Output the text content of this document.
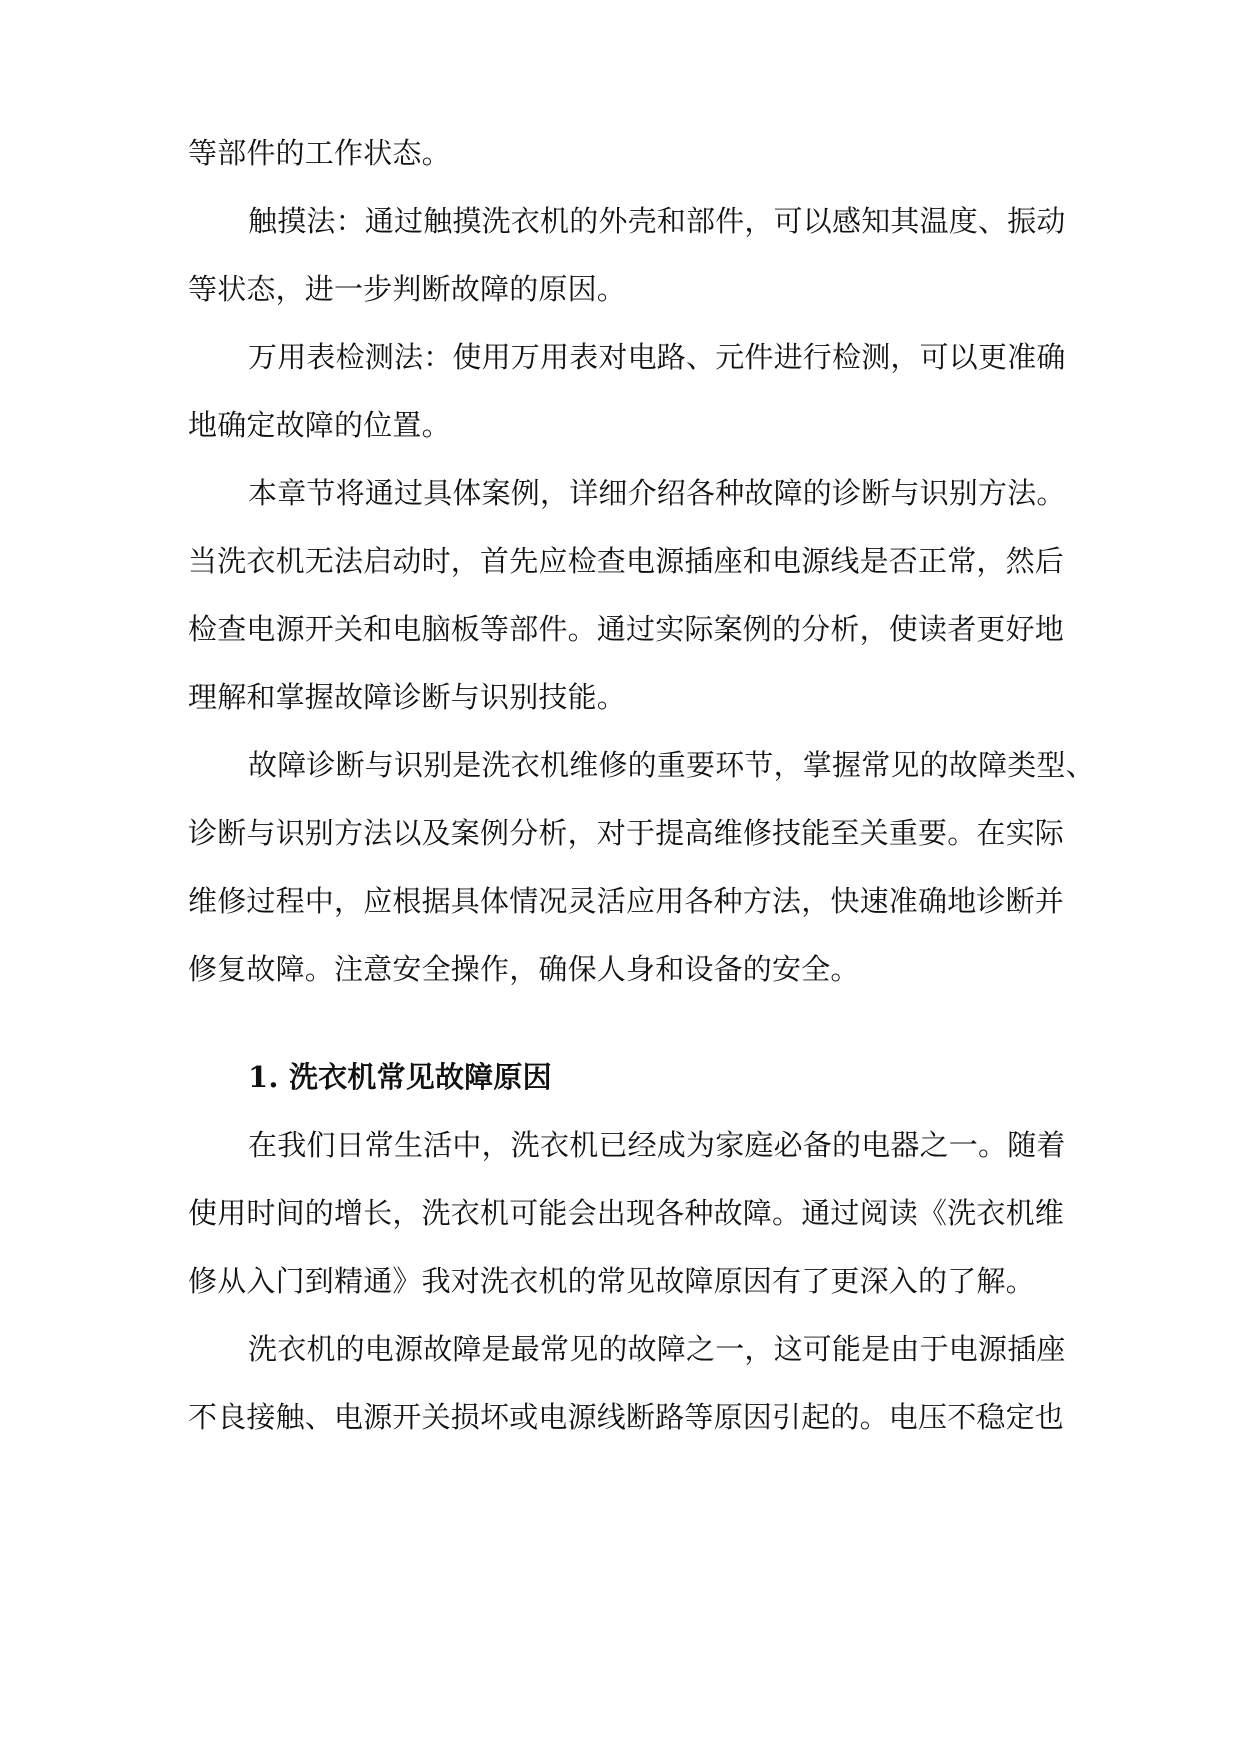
等部件的工作状态。
触摸法：通过触摸洗衣机的外壳和部件，可以感知其温度、振动
等状态，进一步判断故障的原因。
万用表检测法：使用万用表对电路、元件进行检测，可以更准确
地确定故障的位置。
本章节将通过具体案例，详细介绍各种故障的诊断与识别方法。
当洗衣机无法启动时，首先应检查电源插座和电源线是否正常，然后
检查电源开关和电脑板等部件。通过实际案例的分析，使读者更好地
理解和掌握故障诊断与识别技能。
故障诊断与识别是洗衣机维修的重要环节，掌握常见的故障类型、
诊断与识别方法以及案例分析，对于提高维修技能至关重要。在实际
维修过程中，应根据具体情况灵活应用各种方法，快速准确地诊断并
修复故障。注意安全操作，确保人身和设备的安全。
1. 洗衣机常见故障原因
在我们日常生活中，洗衣机已经成为家庭必备的电器之一。随着
使用时间的增长，洗衣机可能会出现各种故障。通过阅读《洗衣机维
修从入门到精通》我对洗衣机的常见故障原因有了更深入的了解。
洗衣机的电源故障是最常见的故障之一，这可能是由于电源插座
不良接触、电源开关损坏或电源线断路等原因引起的。电压不稳定也
